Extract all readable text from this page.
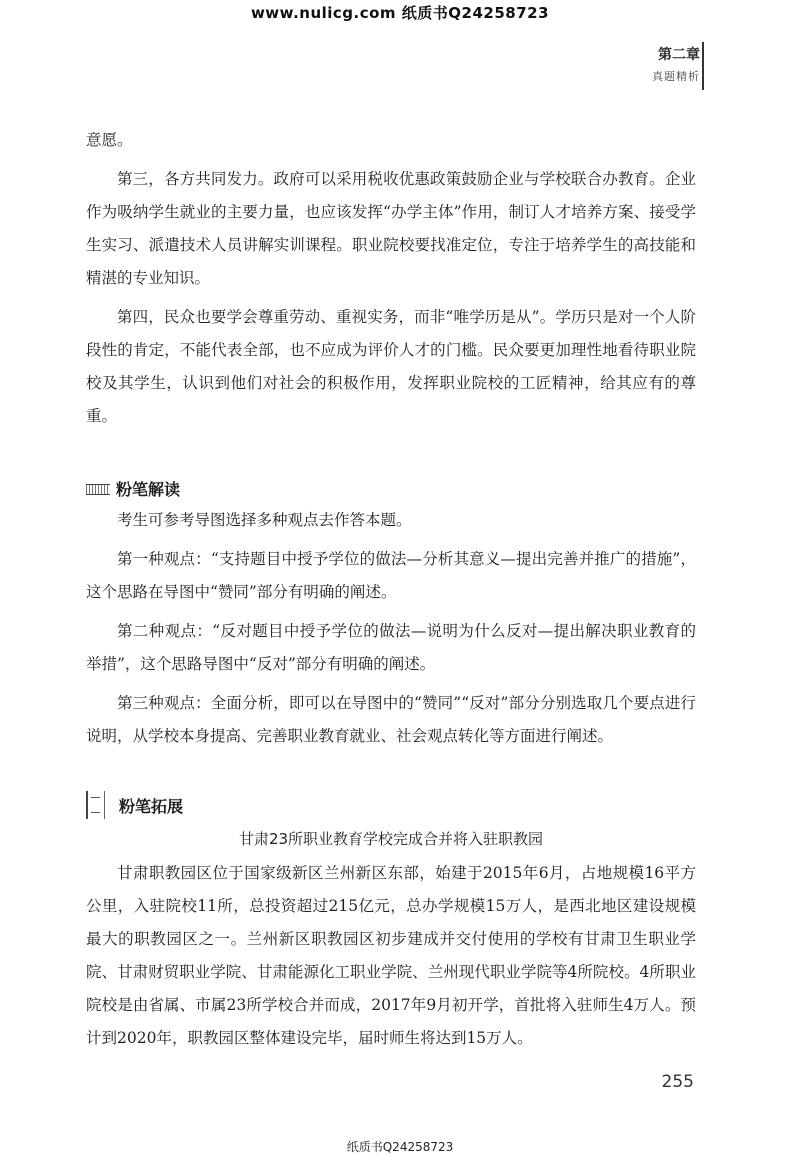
www.nulicg.com 纸质书Q24258723
第二章
真题精析

意愿。

第三，各方共同发力。政府可以采用税收优惠政策鼓励企业与学校联合办教育。企业作为吸纳学生就业的主要力量，也应该发挥“办学主体”作用，制订人才培养方案、接受学生实习、派遣技术人员讲解实训课程。职业院校要找准定位，专注于培养学生的高技能和精湛的专业知识。

第四，民众也要学会尊重劳动、重视实务，而非“唯学历是从”。学历只是对一个人阶段性的肯定，不能代表全部，也不应成为评价人才的门槛。民众要更加理性地看待职业院校及其学生，认识到他们对社会的积极作用，发挥职业院校的工匠精神，给其应有的尊重。

粉笔解读

考生可参考导图选择多种观点去作答本题。

第一种观点：“支持题目中授予学位的做法—分析其意义—提出完善并推广的措施”，这个思路在导图中“赞同”部分有明确的阐述。

第二种观点：“反对题目中授予学位的做法—说明为什么反对—提出解决职业教育的举措”，这个思路导图中“反对”部分有明确的阐述。

第三种观点：全面分析，即可以在导图中的“赞同”“反对”部分分别选取几个要点进行说明，从学校本身提高、完善职业教育就业、社会观点转化等方面进行阐述。

粉笔拓展
甘肃23所职业教育学校完成合并将入驻职教园

甘肃职教园区位于国家级新区兰州新区东部，始建于2015年6月，占地规模16平方公里，入驻院校11所，总投资超过215亿元，总办学规模15万人，是西北地区建设规模最大的职教园区之一。兰州新区职教园区初步建成并交付使用的学校有甘肃卫生职业学院、甘肃财贸职业学院、甘肃能源化工职业学院、兰州现代职业学院等4所院校。4所职业院校是由省属、市属23所学校合并而成，2017年9月初开学，首批将入驻师生4万人。预计到2020年，职教园区整体建设完毕，届时师生将达到15万人。

255
纸质书Q24258723
